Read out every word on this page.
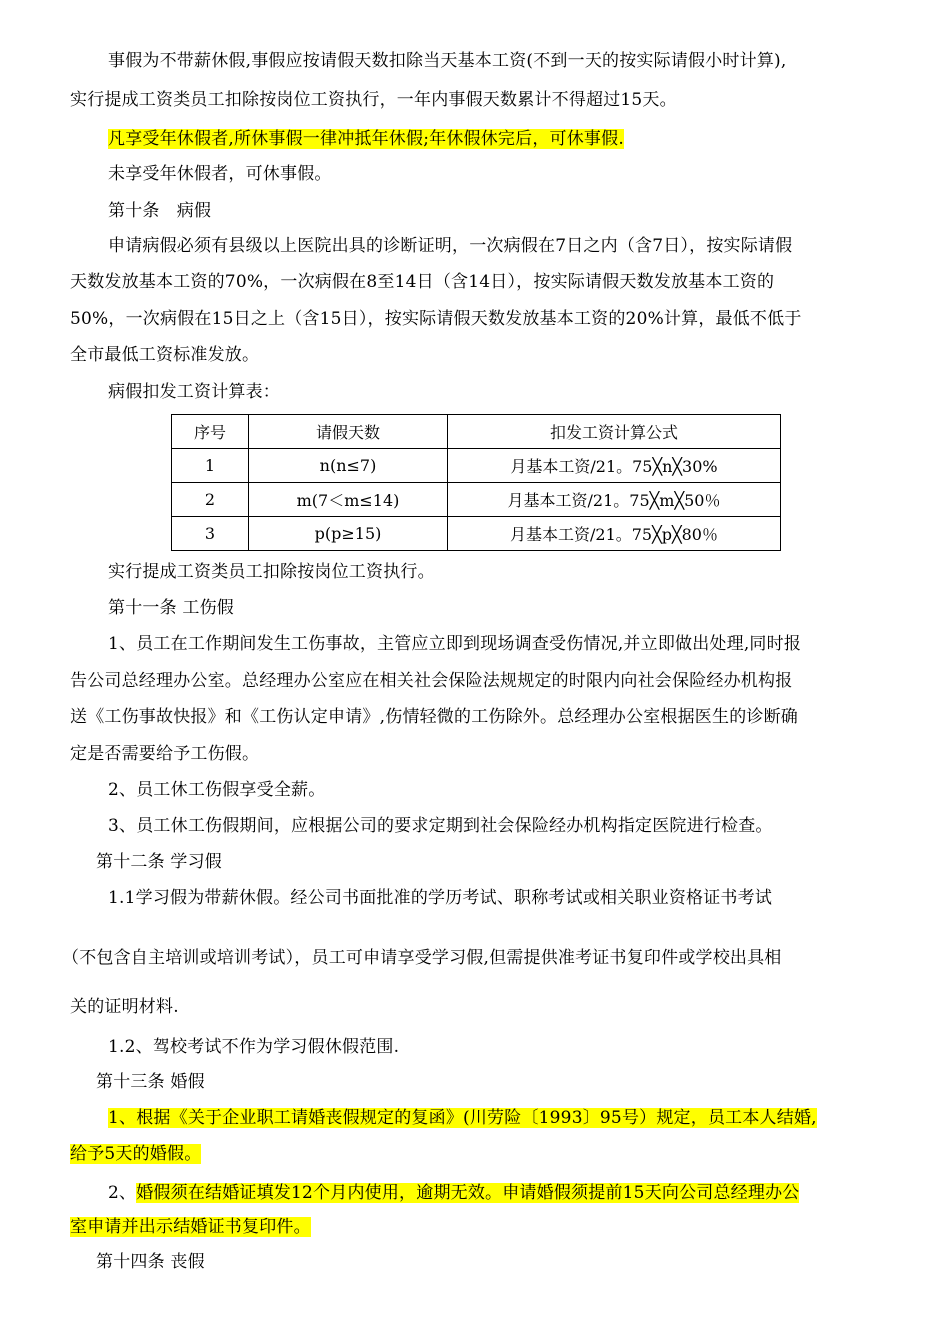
事假为不带薪休假,事假应按请假天数扣除当天基本工资(不到一天的按实际请假小时计算),
实行提成工资类员工扣除按岗位工资执行，一年内事假天数累计不得超过15天。
凡享受年休假者,所休事假一律冲抵年休假;年休假休完后，可休事假.
未享受年休假者，可休事假。
第十条　病假
申请病假必须有县级以上医院出具的诊断证明，一次病假在7日之内（含7日），按实际请假
天数发放基本工资的70%，一次病假在8至14日（含14日），按实际请假天数发放基本工资的
50%，一次病假在15日之上（含15日），按实际请假天数发放基本工资的20%计算，最低不低于
全市最低工资标准发放。
病假扣发工资计算表：
序号	请假天数	扣发工资计算公式
1	n(n≤7)	月基本工资/21。75╳n╳30%
2	m(7＜m≤14)	月基本工资/21。75╳m╳50％
3	p(p≥15)	月基本工资/21。75╳p╳80％
实行提成工资类员工扣除按岗位工资执行。
第十一条 工伤假
1、员工在工作期间发生工伤事故，主管应立即到现场调查受伤情况,并立即做出处理,同时报
告公司总经理办公室。总经理办公室应在相关社会保险法规规定的时限内向社会保险经办机构报
送《工伤事故快报》和《工伤认定申请》,伤情轻微的工伤除外。总经理办公室根据医生的诊断确
定是否需要给予工伤假。
2、员工休工伤假享受全薪。
3、员工休工伤假期间，应根据公司的要求定期到社会保险经办机构指定医院进行检查。
第十二条 学习假
1.1学习假为带薪休假。经公司书面批准的学历考试、职称考试或相关职业资格证书考试
（不包含自主培训或培训考试），员工可申请享受学习假,但需提供准考证书复印件或学校出具相
关的证明材料.
1.2、驾校考试不作为学习假休假范围.
第十三条 婚假
1、根据《关于企业职工请婚丧假规定的复函》(川劳险〔1993〕95号）规定，员工本人结婚,
给予5天的婚假。
2、婚假须在结婚证填发12个月内使用，逾期无效。申请婚假须提前15天向公司总经理办公
室申请并出示结婚证书复印件。
第十四条 丧假
